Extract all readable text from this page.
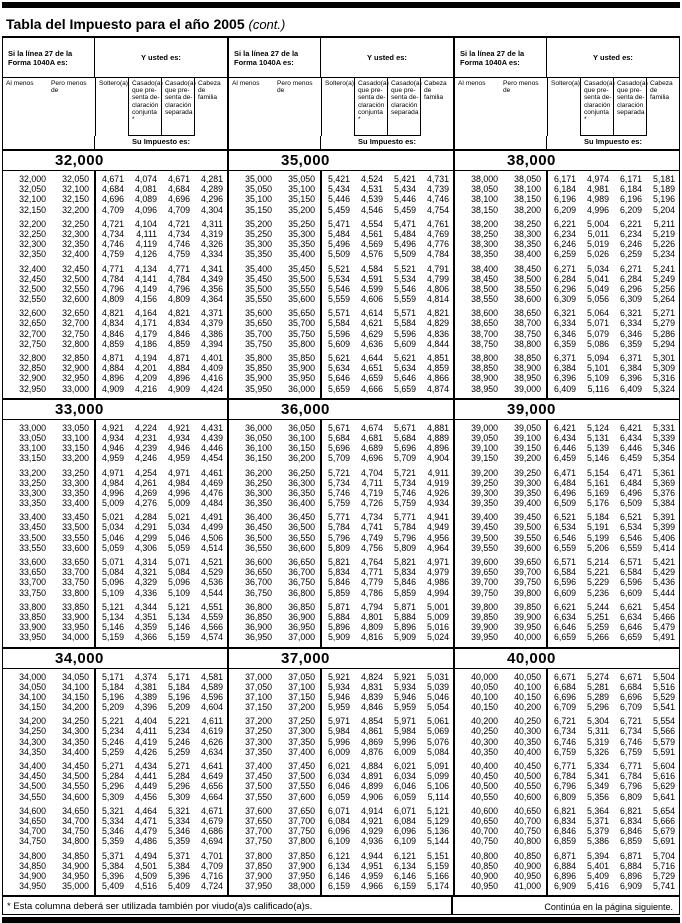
Tabla del Impuesto para el año 2005 (cont.)
Si la línea 27 de la Forma 1040A es:	Y usted es:
Al menos	Pero menos de
Soltero(a) Casado(a) que pre- senta de- claración conjunta *
Casado(a) que pre- senta de- claración separada
Cabeza de familia
Su Impuesto es:
32,000
32,000	32,050	4,671	4,074	4,671	4,281
32,050	32,100	4,684	4,081	4,684	4,289
32,100	32,150	4,696	4,089	4,696	4,296
32,150	32,200	4,709	4,096	4,709	4,304
32,200	32,250	4,721	4,104	4,721	4,311
32,250	32,300	4,734	4,111	4,734	4,319
32,300	32,350	4,746	4,119	4,746	4,326
32,350	32,400	4,759	4,126	4,759	4,334
32,400	32,450	4,771	4,134	4,771	4,341
32,450	32,500	4,784	4,141	4,784	4,349
32,500	32,550	4,796	4,149	4,796	4,356
32,550	32,600	4,809	4,156	4,809	4,364
32,600	32,650	4,821	4,164	4,821	4,371
32,650	32,700	4,834	4,171	4,834	4,379
32,700	32,750	4,846	4,179	4,846	4,386
32,750	32,800	4,859	4,186	4,859	4,394
32,800	32,850	4,871	4,194	4,871	4,401
32,850	32,900	4,884	4,201	4,884	4,409
32,900	32,950	4,896	4,209	4,896	4,416
32,950	33,000	4,909	4,216	4,909	4,424
33,000
33,000	33,050	4,921	4,224	4,921	4,431
33,050	33,100	4,934	4,231	4,934	4,439
33,100	33,150	4,946	4,239	4,946	4,446
33,150	33,200	4,959	4,246	4,959	4,454
33,200	33,250	4,971	4,254	4,971	4,461
33,250	33,300	4,984	4,261	4,984	4,469
33,300	33,350	4,996	4,269	4,996	4,476
33,350	33,400	5,009	4,276	5,009	4,484
33,400	33,450	5,021	4,284	5,021	4,491
33,450	33,500	5,034	4,291	5,034	4,499
33,500	33,550	5,046	4,299	5,046	4,506
33,550	33,600	5,059	4,306	5,059	4,514
33,600	33,650	5,071	4,314	5,071	4,521
33,650	33,700	5,084	4,321	5,084	4,529
33,700	33,750	5,096	4,329	5,096	4,536
33,750	33,800	5,109	4,336	5,109	4,544
33,800	33,850	5,121	4,344	5,121	4,551
33,850	33,900	5,134	4,351	5,134	4,559
33,900	33,950	5,146	4,359	5,146	4,566
33,950	34,000	5,159	4,366	5,159	4,574
34,000
34,000	34,050	5,171	4,374	5,171	4,581
34,050	34,100	5,184	4,381	5,184	4,589
34,100	34,150	5,196	4,389	5,196	4,596
34,150	34,200	5,209	4,396	5,209	4,604
34,200	34,250	5,221	4,404	5,221	4,611
34,250	34,300	5,234	4,411	5,234	4,619
34,300	34,350	5,246	4,419	5,246	4,626
34,350	34,400	5,259	4,426	5,259	4,634
34,400	34,450	5,271	4,434	5,271	4,641
34,450	34,500	5,284	4,441	5,284	4,649
34,500	34,550	5,296	4,449	5,296	4,656
34,550	34,600	5,309	4,456	5,309	4,664
34,600	34,650	5,321	4,464	5,321	4,671
34,650	34,700	5,334	4,471	5,334	4,679
34,700	34,750	5,346	4,479	5,346	4,686
34,750	34,800	5,359	4,486	5,359	4,694
34,800	34,850	5,371	4,494	5,371	4,701
34,850	34,900	5,384	4,501	5,384	4,709
34,900	34,950	5,396	4,509	5,396	4,716
34,950	35,000	5,409	4,516	5,409	4,724
Si la línea 27 de la Forma 1040A es:	Y usted es:
Al menos	Pero menos de
Soltero(a) Casado(a) que pre- senta de- claración conjunta *
Casado(a) que pre- senta de- claración separada
Cabeza de familia
Su Impuesto es:
35,000
35,000	35,050	5,421	4,524	5,421	4,731
35,050	35,100	5,434	4,531	5,434	4,739
35,100	35,150	5,446	4,539	5,446	4,746
35,150	35,200	5,459	4,546	5,459	4,754
35,200	35,250	5,471	4,554	5,471	4,761
35,250	35,300	5,484	4,561	5,484	4,769
35,300	35,350	5,496	4,569	5,496	4,776
35,350	35,400	5,509	4,576	5,509	4,784
35,400	35,450	5,521	4,584	5,521	4,791
35,450	35,500	5,534	4,591	5,534	4,799
35,500	35,550	5,546	4,599	5,546	4,806
35,550	35,600	5,559	4,606	5,559	4,814
35,600	35,650	5,571	4,614	5,571	4,821
35,650	35,700	5,584	4,621	5,584	4,829
35,700	35,750	5,596	4,629	5,596	4,836
35,750	35,800	5,609	4,636	5,609	4,844
35,800	35,850	5,621	4,644	5,621	4,851
35,850	35,900	5,634	4,651	5,634	4,859
35,900	35,950	5,646	4,659	5,646	4,866
35,950	36,000	5,659	4,666	5,659	4,874
36,000
36,000	36,050	5,671	4,674	5,671	4,881
36,050	36,100	5,684	4,681	5,684	4,889
36,100	36,150	5,696	4,689	5,696	4,896
36,150	36,200	5,709	4,696	5,709	4,904
36,200	36,250	5,721	4,704	5,721	4,911
36,250	36,300	5,734	4,711	5,734	4,919
36,300	36,350	5,746	4,719	5,746	4,926
36,350	36,400	5,759	4,726	5,759	4,934
36,400	36,450	5,771	4,734	5,771	4,941
36,450	36,500	5,784	4,741	5,784	4,949
36,500	36,550	5,796	4,749	5,796	4,956
36,550	36,600	5,809	4,756	5,809	4,964
36,600	36,650	5,821	4,764	5,821	4,971
36,650	36,700	5,834	4,771	5,834	4,979
36,700	36,750	5,846	4,779	5,846	4,986
36,750	36,800	5,859	4,786	5,859	4,994
36,800	36,850	5,871	4,794	5,871	5,001
36,850	36,900	5,884	4,801	5,884	5,009
36,900	36,950	5,896	4,809	5,896	5,016
36,950	37,000	5,909	4,816	5,909	5,024
37,000
37,000	37,050	5,921	4,824	5,921	5,031
37,050	37,100	5,934	4,831	5,934	5,039
37,100	37,150	5,946	4,839	5,946	5,046
37,150	37,200	5,959	4,846	5,959	5,054
37,200	37,250	5,971	4,854	5,971	5,061
37,250	37,300	5,984	4,861	5,984	5,069
37,300	37,350	5,996	4,869	5,996	5,076
37,350	37,400	6,009	4,876	6,009	5,084
37,400	37,450	6,021	4,884	6,021	5,091
37,450	37,500	6,034	4,891	6,034	5,099
37,500	37,550	6,046	4,899	6,046	5,106
37,550	37,600	6,059	4,906	6,059	5,114
37,600	37,650	6,071	4,914	6,071	5,121
37,650	37,700	6,084	4,921	6,084	5,129
37,700	37,750	6,096	4,929	6,096	5,136
37,750	37,800	6,109	4,936	6,109	5,144
37,800	37,850	6,121	4,944	6,121	5,151
37,850	37,900	6,134	4,951	6,134	5,159
37,900	37,950	6,146	4,959	6,146	5,166
37,950	38,000	6,159	4,966	6,159	5,174
Si la línea 27 de la Forma 1040A es:	Y usted es:
Al menos	Pero menos de
Soltero(a) Casado(a) que pre- senta de- claración conjunta *
Casado(a) que pre- senta de- claración separada
Cabeza de familia
Su Impuesto es:
38,000
38,000	38,050	6,171	4,974	6,171	5,181
38,050	38,100	6,184	4,981	6,184	5,189
38,100	38,150	6,196	4,989	6,196	5,196
38,150	38,200	6,209	4,996	6,209	5,204
38,200	38,250	6,221	5,004	6,221	5,211
38,250	38,300	6,234	5,011	6,234	5,219
38,300	38,350	6,246	5,019	6,246	5,226
38,350	38,400	6,259	5,026	6,259	5,234
38,400	38,450	6,271	5,034	6,271	5,241
38,450	38,500	6,284	5,041	6,284	5,249
38,500	38,550	6,296	5,049	6,296	5,256
38,550	38,600	6,309	5,056	6,309	5,264
38,600	38,650	6,321	5,064	6,321	5,271
38,650	38,700	6,334	5,071	6,334	5,279
38,700	38,750	6,346	5,079	6,346	5,286
38,750	38,800	6,359	5,086	6,359	5,294
38,800	38,850	6,371	5,094	6,371	5,301
38,850	38,900	6,384	5,101	6,384	5,309
38,900	38,950	6,396	5,109	6,396	5,316
38,950	39,000	6,409	5,116	6,409	5,324
39,000
39,000	39,050	6,421	5,124	6,421	5,331
39,050	39,100	6,434	5,131	6,434	5,339
39,100	39,150	6,446	5,139	6,446	5,346
39,150	39,200	6,459	5,146	6,459	5,354
39,200	39,250	6,471	5,154	6,471	5,361
39,250	39,300	6,484	5,161	6,484	5,369
39,300	39,350	6,496	5,169	6,496	5,376
39,350	39,400	6,509	5,176	6,509	5,384
39,400	39,450	6,521	5,184	6,521	5,391
39,450	39,500	6,534	5,191	6,534	5,399
39,500	39,550	6,546	5,199	6,546	5,406
39,550	39,600	6,559	5,206	6,559	5,414
39,600	39,650	6,571	5,214	6,571	5,421
39,650	39,700	6,584	5,221	6,584	5,429
39,700	39,750	6,596	5,229	6,596	5,436
39,750	39,800	6,609	5,236	6,609	5,444
39,800	39,850	6,621	5,244	6,621	5,454
39,850	39,900	6,634	5,251	6,634	5,466
39,900	39,950	6,646	5,259	6,646	5,479
39,950	40,000	6,659	5,266	6,659	5,491
40,000
40,000	40,050	6,671	5,274	6,671	5,504
40,050	40,100	6,684	5,281	6,684	5,516
40,100	40,150	6,696	5,289	6,696	5,529
40,150	40,200	6,709	5,296	6,709	5,541
40,200	40,250	6,721	5,304	6,721	5,554
40,250	40,300	6,734	5,311	6,734	5,566
40,300	40,350	6,746	5,319	6,746	5,579
40,350	40,400	6,759	5,326	6,759	5,591
40,400	40,450	6,771	5,334	6,771	5,604
40,450	40,500	6,784	5,341	6,784	5,616
40,500	40,550	6,796	5,349	6,796	5,629
40,550	40,600	6,809	5,356	6,809	5,641
40,600	40,650	6,821	5,364	6,821	5,654
40,650	40,700	6,834	5,371	6,834	5,666
40,700	40,750	6,846	5,379	6,846	5,679
40,750	40,800	6,859	5,386	6,859	5,691
40,800	40,850	6,871	5,394	6,871	5,704
40,850	40,900	6,884	5,401	6,884	5,716
40,900	40,950	6,896	5,409	6,896	5,729
40,950	41,000	6,909	5,416	6,909	5,741
* Esta columna deberá ser utilizada también por viudo(a)s calificado(a)s.	Continúa en la página siguiente.
